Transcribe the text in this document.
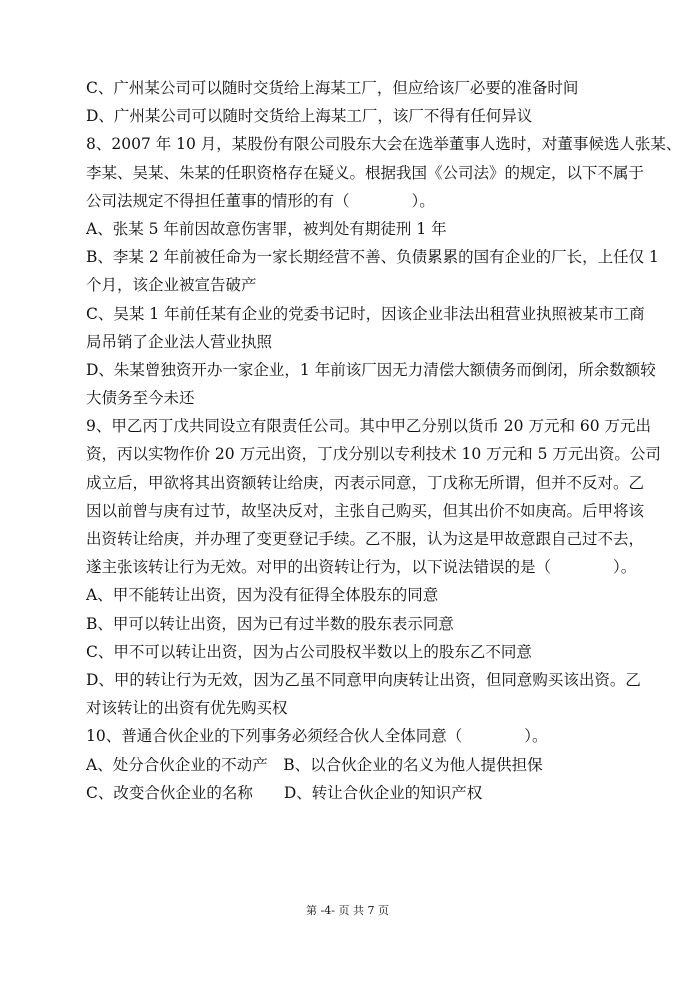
C、广州某公司可以随时交货给上海某工厂，但应给该厂必要的准备时间
D、广州某公司可以随时交货给上海某工厂，该厂不得有任何异议
8、2007 年 10 月，某股份有限公司股东大会在选举董事人选时，对董事候选人张某、
李某、吴某、朱某的任职资格存在疑义。根据我国《公司法》的规定，以下不属于
公司法规定不得担任董事的情形的有（　　　　）。
A、张某 5 年前因故意伤害罪，被判处有期徒刑 1 年
B、李某 2 年前被任命为一家长期经营不善、负债累累的国有企业的厂长，上任仅 1
个月，该企业被宣告破产
C、吴某 1 年前任某有企业的党委书记时，因该企业非法出租营业执照被某市工商
局吊销了企业法人营业执照
D、朱某曾独资开办一家企业，1 年前该厂因无力清偿大额债务而倒闭，所余数额较
大债务至今未还
9、甲乙丙丁戊共同设立有限责任公司。其中甲乙分别以货币 20 万元和 60 万元出
资，丙以实物作价 20 万元出资，丁戊分别以专利技术 10 万元和 5 万元出资。公司
成立后，甲欲将其出资额转让给庚，丙表示同意，丁戊称无所谓，但并不反对。乙
因以前曾与庚有过节，故坚决反对，主张自己购买，但其出价不如庚高。后甲将该
出资转让给庚，并办理了变更登记手续。乙不服，认为这是甲故意跟自己过不去，
遂主张该转让行为无效。对甲的出资转让行为，以下说法错误的是（　　　　）。
A、甲不能转让出资，因为没有征得全体股东的同意
B、甲可以转让出资，因为已有过半数的股东表示同意
C、甲不可以转让出资，因为占公司股权半数以上的股东乙不同意
D、甲的转让行为无效，因为乙虽不同意甲向庚转让出资，但同意购买该出资。乙
对该转让的出资有优先购买权
10、普通合伙企业的下列事务必须经合伙人全体同意（　　　　）。
A、处分合伙企业的不动产　B、以合伙企业的名义为他人提供担保
C、改变合伙企业的名称　　D、转让合伙企业的知识产权
第 -4- 页 共 7 页
